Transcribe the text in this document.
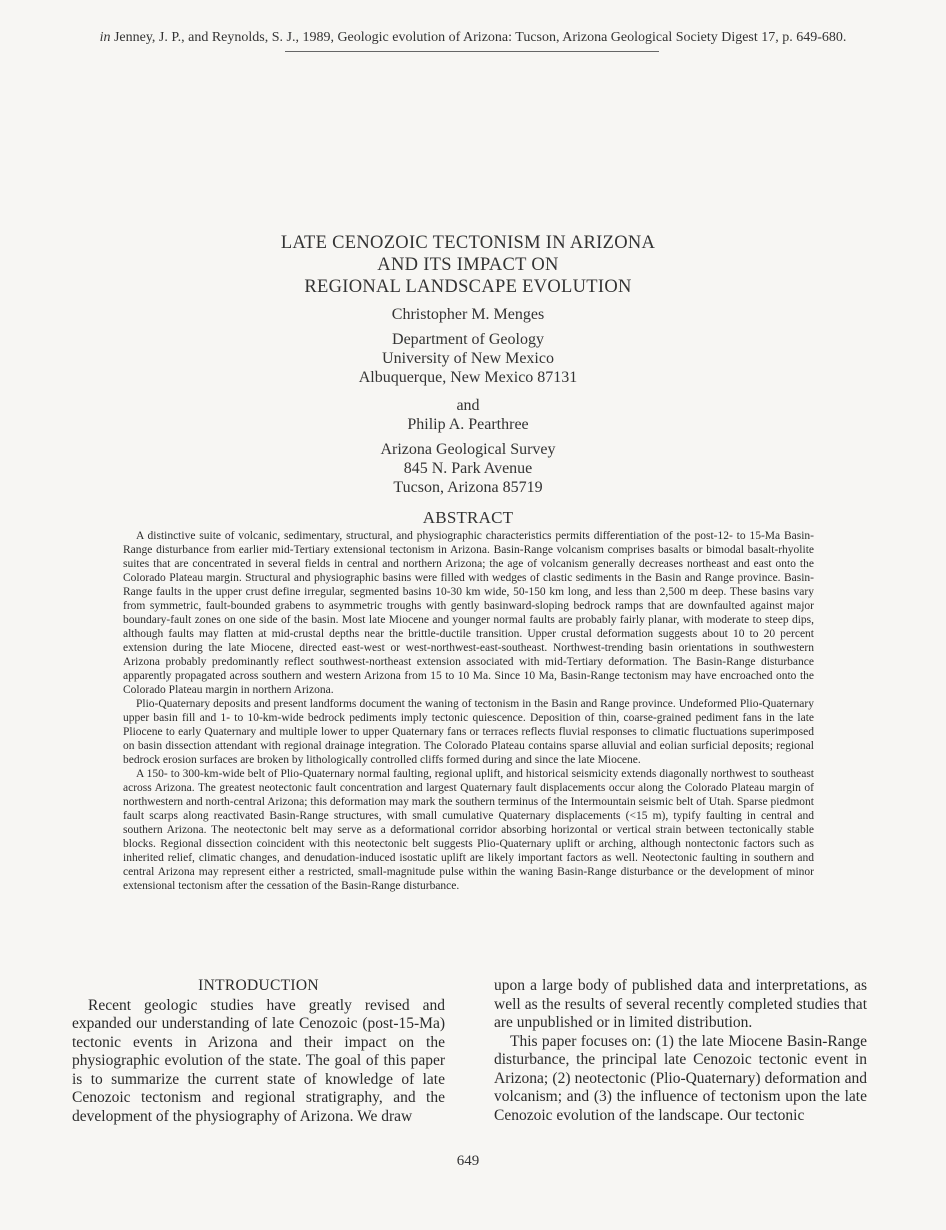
in Jenney, J. P., and Reynolds, S. J., 1989, Geologic evolution of Arizona: Tucson, Arizona Geological Society Digest 17, p. 649-680.
LATE CENOZOIC TECTONISM IN ARIZONA
AND ITS IMPACT ON
REGIONAL LANDSCAPE EVOLUTION
Christopher M. Menges
Department of Geology
University of New Mexico
Albuquerque, New Mexico 87131
and
Philip A. Pearthree
Arizona Geological Survey
845 N. Park Avenue
Tucson, Arizona 85719
ABSTRACT

A distinctive suite of volcanic, sedimentary, structural, and physiographic characteristics permits differentiation of the post-12- to 15-Ma Basin-Range disturbance from earlier mid-Tertiary extensional tectonism in Arizona. Basin-Range volcanism comprises basalts or bimodal basalt-rhyolite suites that are concentrated in several fields in central and northern Arizona; the age of volcanism generally decreases northeast and east onto the Colorado Plateau margin. Structural and physiographic basins were filled with wedges of clastic sediments in the Basin and Range province. Basin-Range faults in the upper crust define irregular, segmented basins 10-30 km wide, 50-150 km long, and less than 2,500 m deep. These basins vary from symmetric, fault-bounded grabens to asymmetric troughs with gently basinward-sloping bedrock ramps that are downfaulted against major boundary-fault zones on one side of the basin. Most late Miocene and younger normal faults are probably fairly planar, with moderate to steep dips, although faults may flatten at mid-crustal depths near the brittle-ductile transition. Upper crustal deformation suggests about 10 to 20 percent extension during the late Miocene, directed east-west or west-northwest-east-southeast. Northwest-trending basin orientations in southwestern Arizona probably predominantly reflect southwest-northeast extension associated with mid-Tertiary deformation. The Basin-Range disturbance apparently propagated across southern and western Arizona from 15 to 10 Ma. Since 10 Ma, Basin-Range tectonism may have encroached onto the Colorado Plateau margin in northern Arizona.

Plio-Quaternary deposits and present landforms document the waning of tectonism in the Basin and Range province. Undeformed Plio-Quaternary upper basin fill and 1- to 10-km-wide bedrock pediments imply tectonic quiescence. Deposition of thin, coarse-grained pediment fans in the late Pliocene to early Quaternary and multiple lower to upper Quaternary fans or terraces reflects fluvial responses to climatic fluctuations superimposed on basin dissection attendant with regional drainage integration. The Colorado Plateau contains sparse alluvial and eolian surficial deposits; regional bedrock erosion surfaces are broken by lithologically controlled cliffs formed during and since the late Miocene.

A 150- to 300-km-wide belt of Plio-Quaternary normal faulting, regional uplift, and historical seismicity extends diagonally northwest to southeast across Arizona. The greatest neotectonic fault concentration and largest Quaternary fault displacements occur along the Colorado Plateau margin of northwestern and north-central Arizona; this deformation may mark the southern terminus of the Intermountain seismic belt of Utah. Sparse piedmont fault scarps along reactivated Basin-Range structures, with small cumulative Quaternary displacements (<15 m), typify faulting in central and southern Arizona. The neotectonic belt may serve as a deformational corridor absorbing horizontal or vertical strain between tectonically stable blocks. Regional dissection coincident with this neotectonic belt suggests Plio-Quaternary uplift or arching, although nontectonic factors such as inherited relief, climatic changes, and denudation-induced isostatic uplift are likely important factors as well. Neotectonic faulting in southern and central Arizona may represent either a restricted, small-magnitude pulse within the waning Basin-Range disturbance or the development of minor extensional tectonism after the cessation of the Basin-Range disturbance.

INTRODUCTION

Recent geologic studies have greatly revised and expanded our understanding of late Cenozoic (post-15-Ma) tectonic events in Arizona and their impact on the physiographic evolution of the state. The goal of this paper is to summarize the current state of knowledge of late Cenozoic tectonism and regional stratigraphy, and the development of the physiography of Arizona. We draw

upon a large body of published data and interpretations, as well as the results of several recently completed studies that are unpublished or in limited distribution.

This paper focuses on: (1) the late Miocene Basin-Range disturbance, the principal late Cenozoic tectonic event in Arizona; (2) neotectonic (Plio-Quaternary) deformation and volcanism; and (3) the influence of tectonism upon the late Cenozoic evolution of the landscape. Our tectonic

649
